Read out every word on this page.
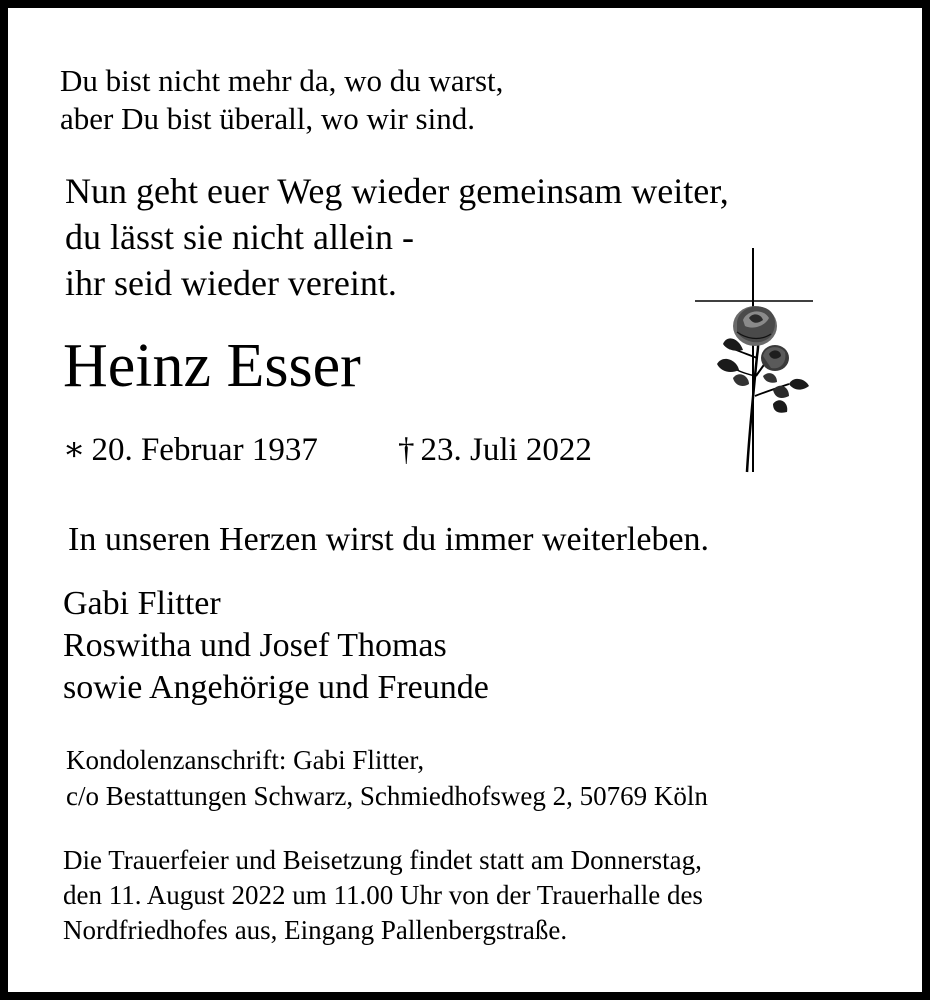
Du bist nicht mehr da, wo du warst,
aber Du bist überall, wo wir sind.

Nun geht euer Weg wieder gemeinsam weiter,
du lässt sie nicht allein -
ihr seid wieder vereint.

Heinz Esser

∗ 20. Februar 1937 † 23. Juli 2022

In unseren Herzen wirst du immer weiterleben.

Gabi Flitter
Roswitha und Josef Thomas
sowie Angehörige und Freunde

Kondolenzanschrift: Gabi Flitter,
c/o Bestattungen Schwarz, Schmiedhofsweg 2, 50769 Köln

Die Trauerfeier und Beisetzung findet statt am Donnerstag,
den 11. August 2022 um 11.00 Uhr von der Trauerhalle des
Nordfriedhofes aus, Eingang Pallenbergstraße.
